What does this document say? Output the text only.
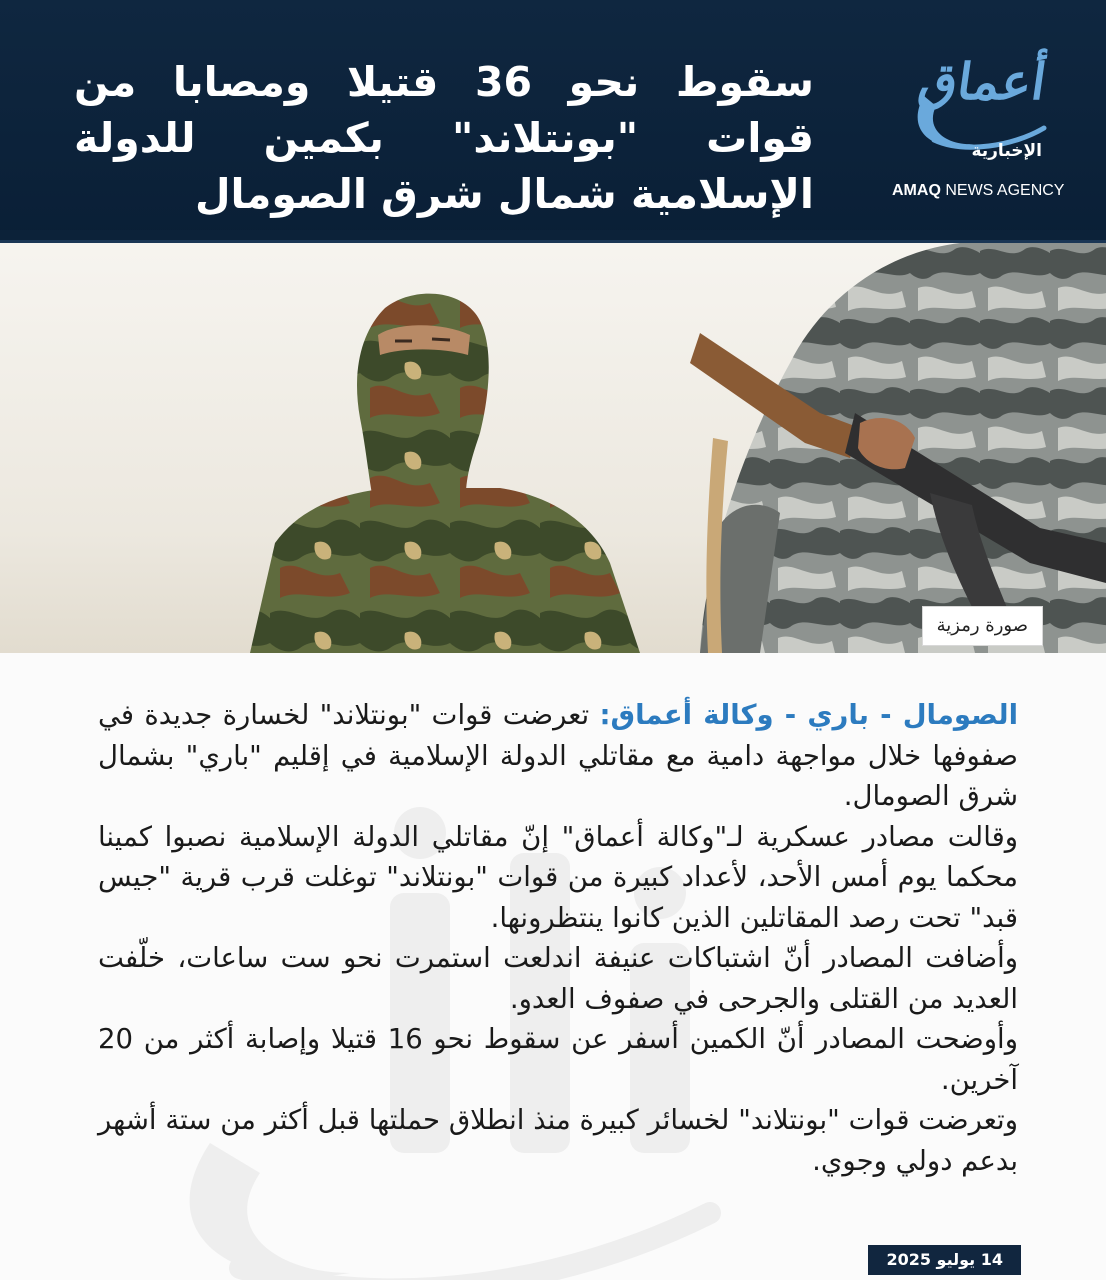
سقوط نحو 36 قتيلا ومصابا من قوات "بونتلاند" بكمين للدولة الإسلامية شمال شرق الصومال
أعماق
الإخبارية
AMAQ NEWS AGENCY
صورة رمزية

الصومال - باري - وكالة أعماق: تعرضت قوات "بونتلاند" لخسارة جديدة في صفوفها خلال مواجهة دامية مع مقاتلي الدولة الإسلامية في إقليم "باري" بشمال شرق الصومال.

وقالت مصادر عسكرية لـ"وكالة أعماق" إنّ مقاتلي الدولة الإسلامية نصبوا كمينا محكما يوم أمس الأحد، لأعداد كبيرة من قوات "بونتلاند" توغلت قرب قرية "جيس قبد" تحت رصد المقاتلين الذين كانوا ينتظرونها.

وأضافت المصادر أنّ اشتباكات عنيفة اندلعت استمرت نحو ست ساعات، خلّفت العديد من القتلى والجرحى في صفوف العدو.

وأوضحت المصادر أنّ الكمين أسفر عن سقوط نحو 16 قتيلا وإصابة أكثر من 20 آخرين.

وتعرضت قوات "بونتلاند" لخسائر كبيرة منذ انطلاق حملتها قبل أكثر من ستة أشهر بدعم دولي وجوي.

14 يوليو 2025
